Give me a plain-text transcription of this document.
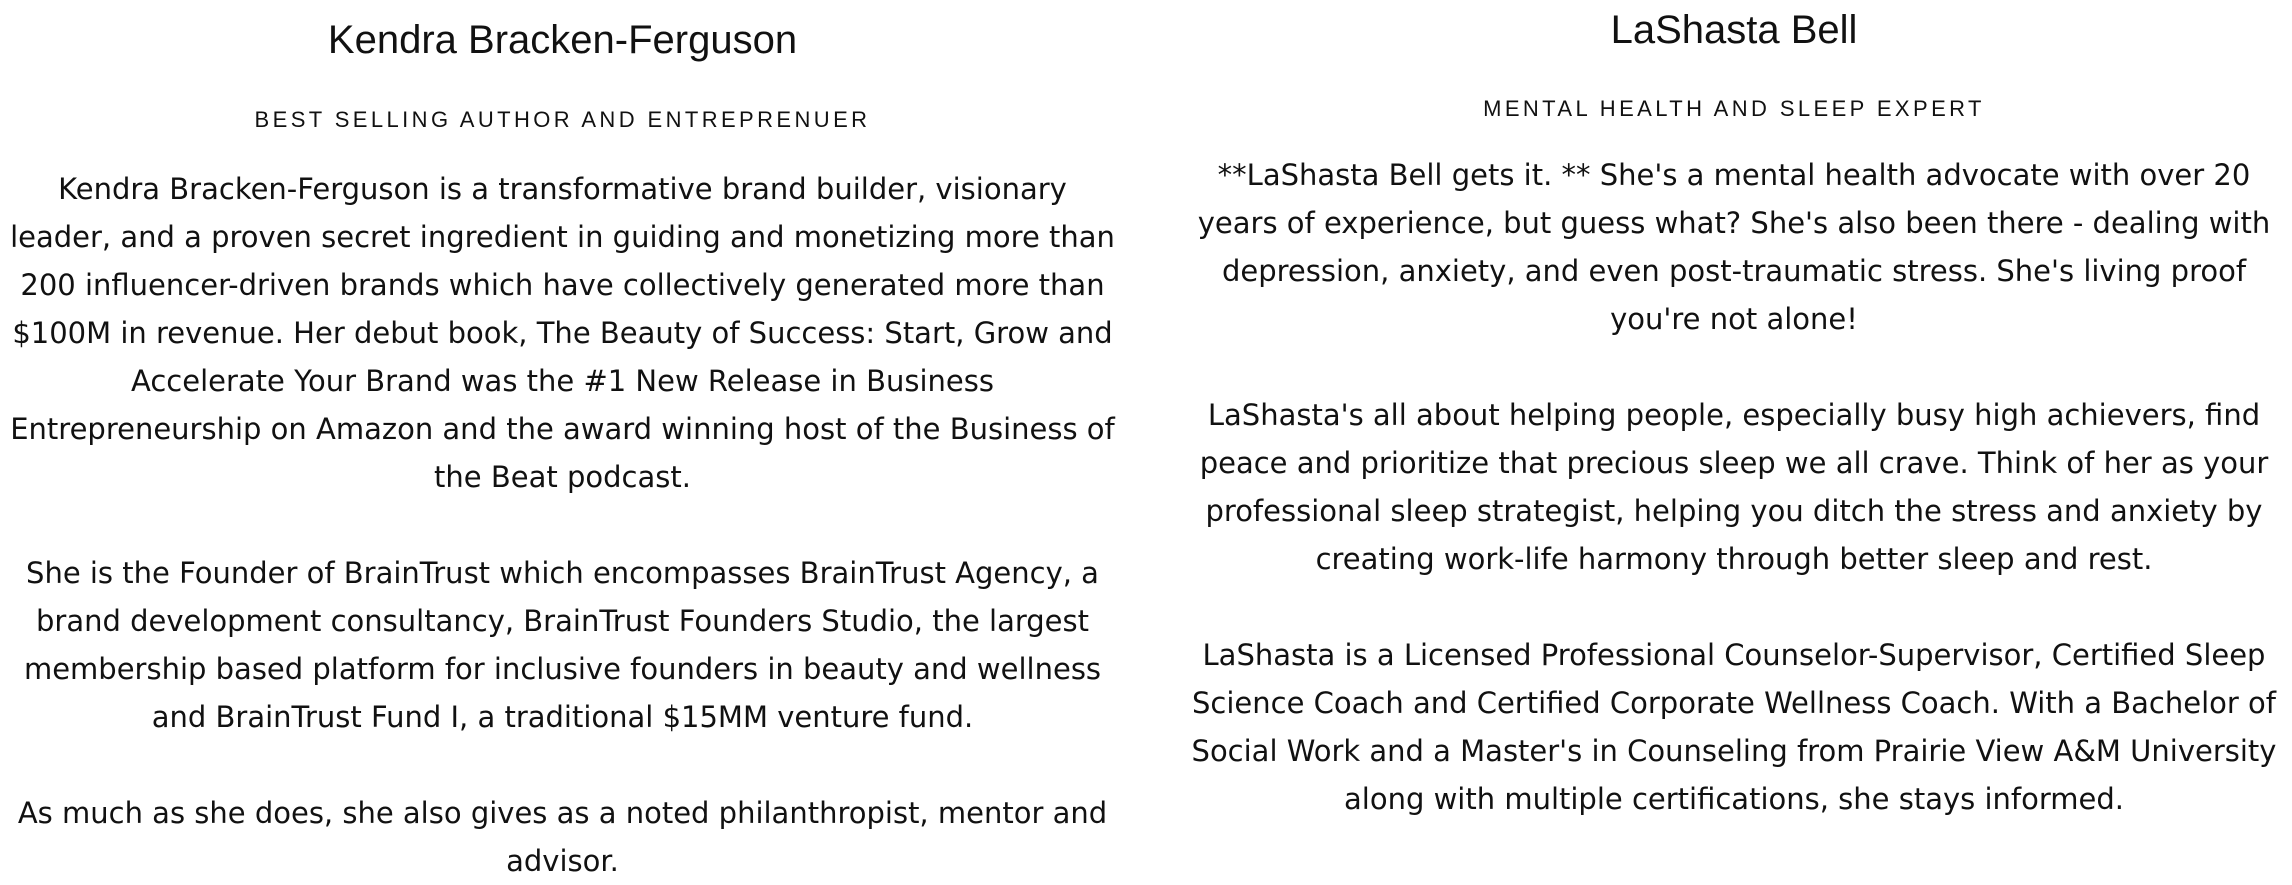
Kendra Bracken-Ferguson
BEST SELLING AUTHOR AND ENTREPRENUER

Kendra Bracken-Ferguson is a transformative brand builder, visionary leader, and a proven secret ingredient in guiding and monetizing more than 200 influencer-driven brands which have collectively generated more than $100M in revenue. Her debut book, The Beauty of Success: Start, Grow and Accelerate Your Brand was the #1 New Release in Business Entrepreneurship on Amazon and the award winning host of the Business of the Beat podcast.

She is the Founder of BrainTrust which encompasses BrainTrust Agency, a brand development consultancy, BrainTrust Founders Studio, the largest membership based platform for inclusive founders in beauty and wellness and BrainTrust Fund I, a traditional $15MM venture fund.

As much as she does, she also gives as a noted philanthropist, mentor and advisor.

LaShasta Bell
MENTAL HEALTH AND SLEEP EXPERT

**LaShasta Bell gets it. ** She's a mental health advocate with over 20 years of experience, but guess what? She's also been there - dealing with depression, anxiety, and even post-traumatic stress. She's living proof you're not alone!

LaShasta's all about helping people, especially busy high achievers, find peace and prioritize that precious sleep we all crave. Think of her as your professional sleep strategist, helping you ditch the stress and anxiety by creating work-life harmony through better sleep and rest.

LaShasta is a Licensed Professional Counselor-Supervisor, Certified Sleep Science Coach and Certified Corporate Wellness Coach. With a Bachelor of Social Work and a Master's in Counseling from Prairie View A&M University along with multiple certifications, she stays informed.
